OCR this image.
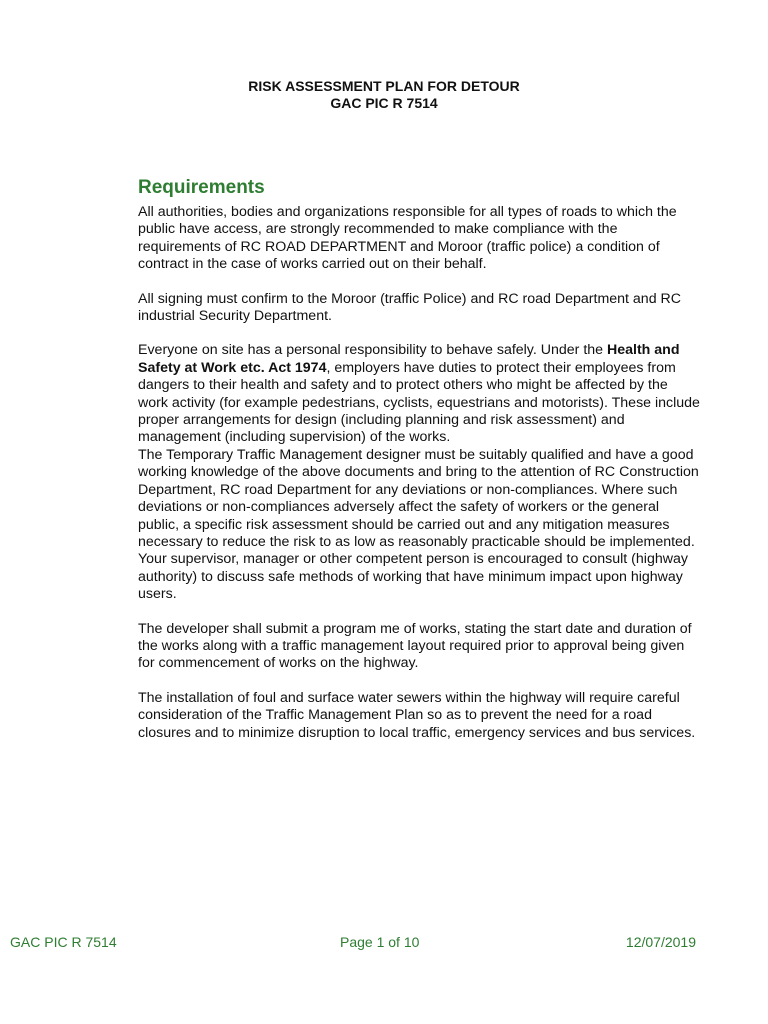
RISK ASSESSMENT PLAN FOR DETOUR
GAC PIC R 7514
Requirements

All authorities, bodies and organizations responsible for all types of roads to which the public have access, are strongly recommended to make compliance with the requirements of RC ROAD DEPARTMENT and Moroor (traffic police) a condition of contract in the case of works carried out on their behalf.

All signing must confirm to the Moroor (traffic Police) and RC road Department and RC industrial Security Department.

Everyone on site has a personal responsibility to behave safely. Under the Health and Safety at Work etc. Act 1974, employers have duties to protect their employees from dangers to their health and safety and to protect others who might be affected by the work activity (for example pedestrians, cyclists, equestrians and motorists). These include proper arrangements for design (including planning and risk assessment) and management (including supervision) of the works.

The Temporary Traffic Management designer must be suitably qualified and have a good working knowledge of the above documents and bring to the attention of RC Construction Department, RC road Department for any deviations or non-compliances. Where such deviations or non-compliances adversely affect the safety of workers or the general public, a specific risk assessment should be carried out and any mitigation measures necessary to reduce the risk to as low as reasonably practicable should be implemented. Your supervisor, manager or other competent person is encouraged to consult (highway authority) to discuss safe methods of working that have minimum impact upon highway users.

The developer shall submit a program me of works, stating the start date and duration of the works along with a traffic management layout required prior to approval being given for commencement of works on the highway.

The installation of foul and surface water sewers within the highway will require careful consideration of the Traffic Management Plan so as to prevent the need for a road closures and to minimize disruption to local traffic, emergency services and bus services.

GAC PIC R 7514	Page 1 of 10	12/07/2019
